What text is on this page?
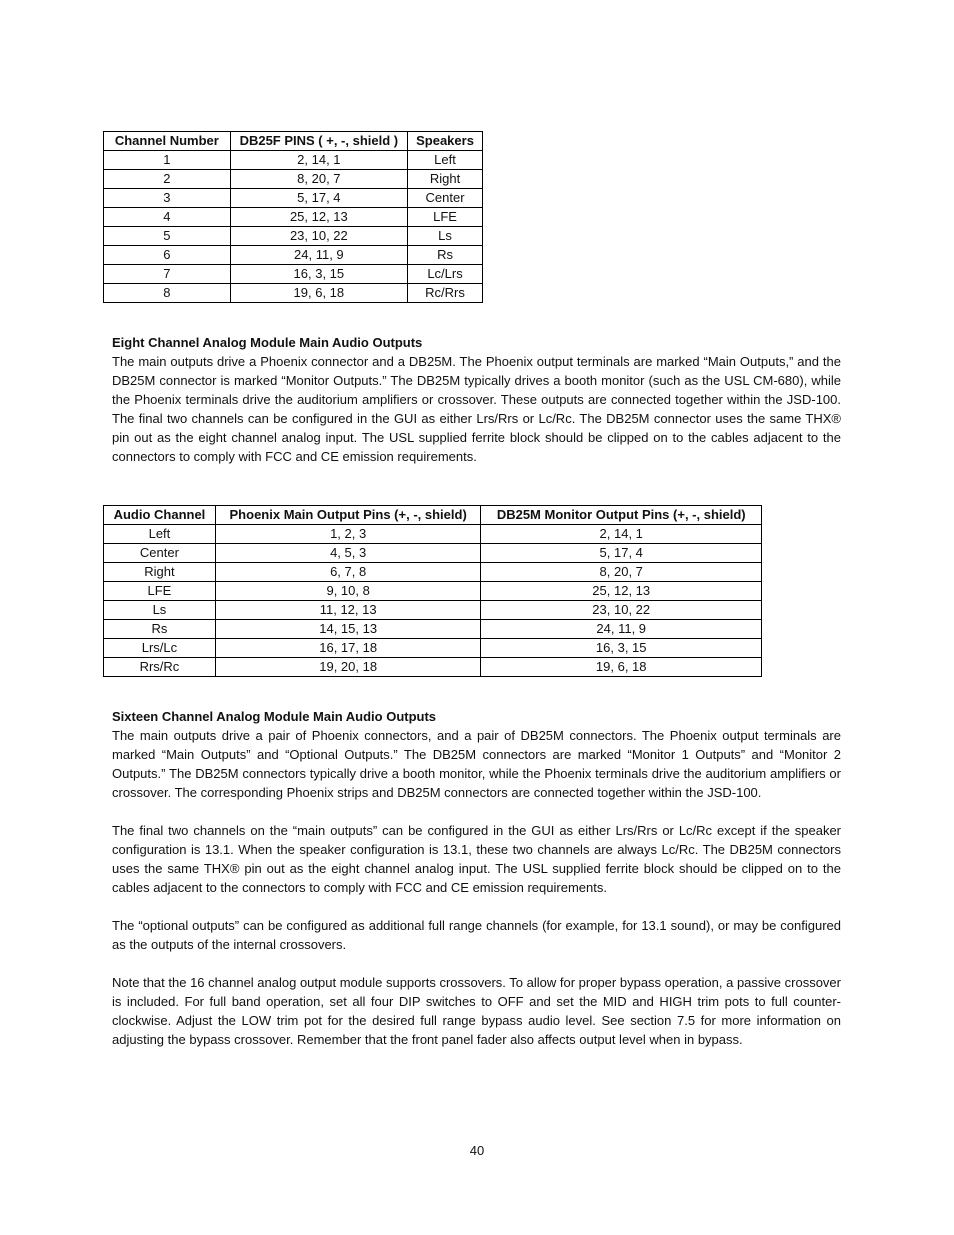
Channel Number	DB25F PINS ( +, -, shield )	Speakers
1	2, 14, 1	Left
2	8, 20, 7	Right
3	5, 17, 4	Center
4	25, 12, 13	LFE
5	23, 10, 22	Ls
6	24, 11, 9	Rs
7	16, 3, 15	Lc/Lrs
8	19, 6, 18	Rc/Rrs

Eight Channel Analog Module Main Audio Outputs

The main outputs drive a Phoenix connector and a DB25M. The Phoenix output terminals are marked “Main Outputs,” and the DB25M connector is marked “Monitor Outputs.” The DB25M typically drives a booth monitor (such as the USL CM-680), while the Phoenix terminals drive the auditorium amplifiers or crossover. These outputs are connected together within the JSD-100. The final two channels can be configured in the GUI as either Lrs/Rrs or Lc/Rc. The DB25M connector uses the same THX® pin out as the eight channel analog input. The USL supplied ferrite block should be clipped on to the cables adjacent to the connectors to comply with FCC and CE emission requirements.

Audio Channel	Phoenix Main Output Pins (+, -, shield)	DB25M Monitor Output Pins (+, -, shield)
Left	1, 2, 3	2, 14, 1
Center	4, 5, 3	5, 17, 4
Right	6, 7, 8	8, 20, 7
LFE	9, 10, 8	25, 12, 13
Ls	11, 12, 13	23, 10, 22
Rs	14, 15, 13	24, 11, 9
Lrs/Lc	16, 17, 18	16, 3, 15
Rrs/Rc	19, 20, 18	19, 6, 18

Sixteen Channel Analog Module Main Audio Outputs

The main outputs drive a pair of Phoenix connectors, and a pair of DB25M connectors. The Phoenix output terminals are marked “Main Outputs” and “Optional Outputs.” The DB25M connectors are marked “Monitor 1 Outputs” and “Monitor 2 Outputs.” The DB25M connectors typically drive a booth monitor, while the Phoenix terminals drive the auditorium amplifiers or crossover. The corresponding Phoenix strips and DB25M connectors are connected together within the JSD-100.

The final two channels on the “main outputs” can be configured in the GUI as either Lrs/Rrs or Lc/Rc except if the speaker configuration is 13.1. When the speaker configuration is 13.1, these two channels are always Lc/Rc. The DB25M connectors uses the same THX® pin out as the eight channel analog input. The USL supplied ferrite block should be clipped on to the cables adjacent to the connectors to comply with FCC and CE emission requirements.

The “optional outputs” can be configured as additional full range channels (for example, for 13.1 sound), or may be configured as the outputs of the internal crossovers.

Note that the 16 channel analog output module supports crossovers. To allow for proper bypass operation, a passive crossover is included. For full band operation, set all four DIP switches to OFF and set the MID and HIGH trim pots to full counter-clockwise. Adjust the LOW trim pot for the desired full range bypass audio level. See section 7.5 for more information on adjusting the bypass crossover. Remember that the front panel fader also affects output level when in bypass.

40
